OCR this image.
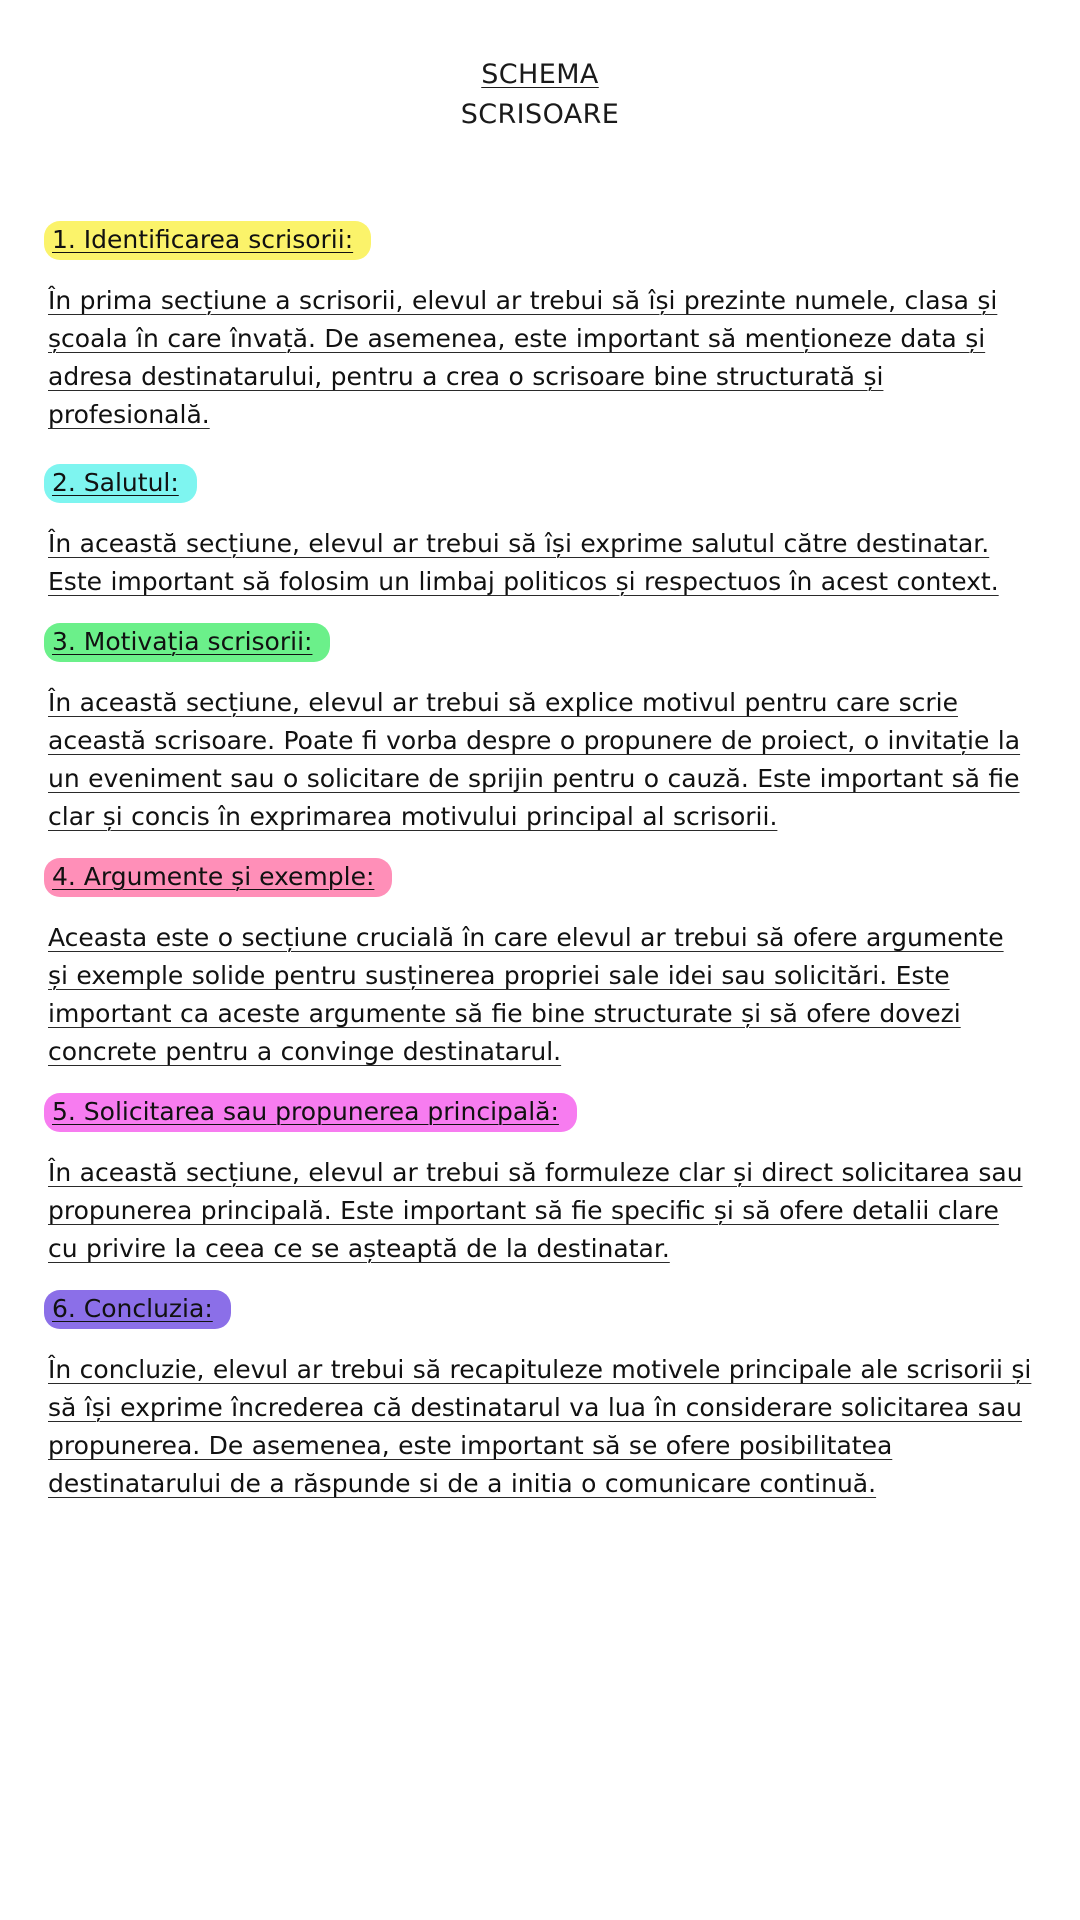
SCHEMA
SCRISOARE
1. Identificarea scrisorii:

În prima secțiune a scrisorii, elevul ar trebui să își prezinte numele, clasa și școala în care învață. De asemenea, este important să menționeze data și adresa destinatarului, pentru a crea o scrisoare bine structurată și profesională.

2. Salutul:

În această secțiune, elevul ar trebui să își exprime salutul către destinatar. Este important să folosim un limbaj politicos și respectuos în acest context.

3. Motivația scrisorii:

În această secțiune, elevul ar trebui să explice motivul pentru care scrie această scrisoare. Poate fi vorba despre o propunere de proiect, o invitație la un eveniment sau o solicitare de sprijin pentru o cauză. Este important să fie clar și concis în exprimarea motivului principal al scrisorii.

4. Argumente și exemple:

Aceasta este o secțiune crucială în care elevul ar trebui să ofere argumente și exemple solide pentru susținerea propriei sale idei sau solicitări. Este important ca aceste argumente să fie bine structurate și să ofere dovezi concrete pentru a convinge destinatarul.

5. Solicitarea sau propunerea principală:

În această secțiune, elevul ar trebui să formuleze clar și direct solicitarea sau propunerea principală. Este important să fie specific și să ofere detalii clare cu privire la ceea ce se așteaptă de la destinatar.

6. Concluzia:

În concluzie, elevul ar trebui să recapituleze motivele principale ale scrisorii și să își exprime încrederea că destinatarul va lua în considerare solicitarea sau propunerea. De asemenea, este important să se ofere posibilitatea destinatarului de a răspunde si de a initia o comunicare continuă.
